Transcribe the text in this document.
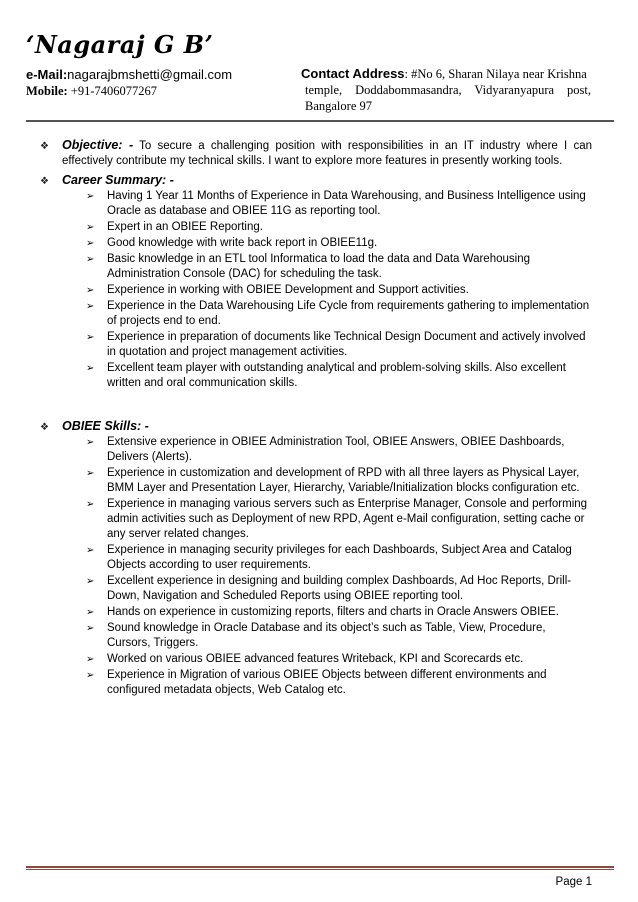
‘Nagaraj G B’
e-Mail:nagarajbmshetti@gmail.com
Mobile: +91-7406077267
Contact Address: #No 6, Sharan Nilaya near Krishna
temple, Doddabommasandra, Vidyaranyapura post,
Bangalore 97
❖ Objective: - To secure a challenging position with responsibilities in an IT industry where I can effectively contribute my technical skills. I want to explore more features in presently working tools.
❖ Career Summary: -
➢ Having 1 Year 11 Months of Experience in Data Warehousing, and Business Intelligence using Oracle as database and OBIEE 11G as reporting tool.
➢ Expert in an OBIEE Reporting.
➢ Good knowledge with write back report in OBIEE11g.
➢ Basic knowledge in an ETL tool Informatica to load the data and Data Warehousing Administration Console (DAC) for scheduling the task.
➢ Experience in working with OBIEE Development and Support activities.
➢ Experience in the Data Warehousing Life Cycle from requirements gathering to implementation of projects end to end.
➢ Experience in preparation of documents like Technical Design Document and actively involved in quotation and project management activities.
➢ Excellent team player with outstanding analytical and problem-solving skills. Also excellent written and oral communication skills.
❖ OBIEE Skills: -
➢ Extensive experience in OBIEE Administration Tool, OBIEE Answers, OBIEE Dashboards, Delivers (Alerts).
➢ Experience in customization and development of RPD with all three layers as Physical Layer, BMM Layer and Presentation Layer, Hierarchy, Variable/Initialization blocks configuration etc.
➢ Experience in managing various servers such as Enterprise Manager, Console and performing admin activities such as Deployment of new RPD, Agent e-Mail configuration, setting cache or any server related changes.
➢ Experience in managing security privileges for each Dashboards, Subject Area and Catalog Objects according to user requirements.
➢ Excellent experience in designing and building complex Dashboards, Ad Hoc Reports, Drill-Down, Navigation and Scheduled Reports using OBIEE reporting tool.
➢ Hands on experience in customizing reports, filters and charts in Oracle Answers OBIEE.
➢ Sound knowledge in Oracle Database and its object’s such as Table, View, Procedure, Cursors, Triggers.
➢ Worked on various OBIEE advanced features Writeback, KPI and Scorecards etc.
➢ Experience in Migration of various OBIEE Objects between different environments and configured metadata objects, Web Catalog etc.
Page 1
